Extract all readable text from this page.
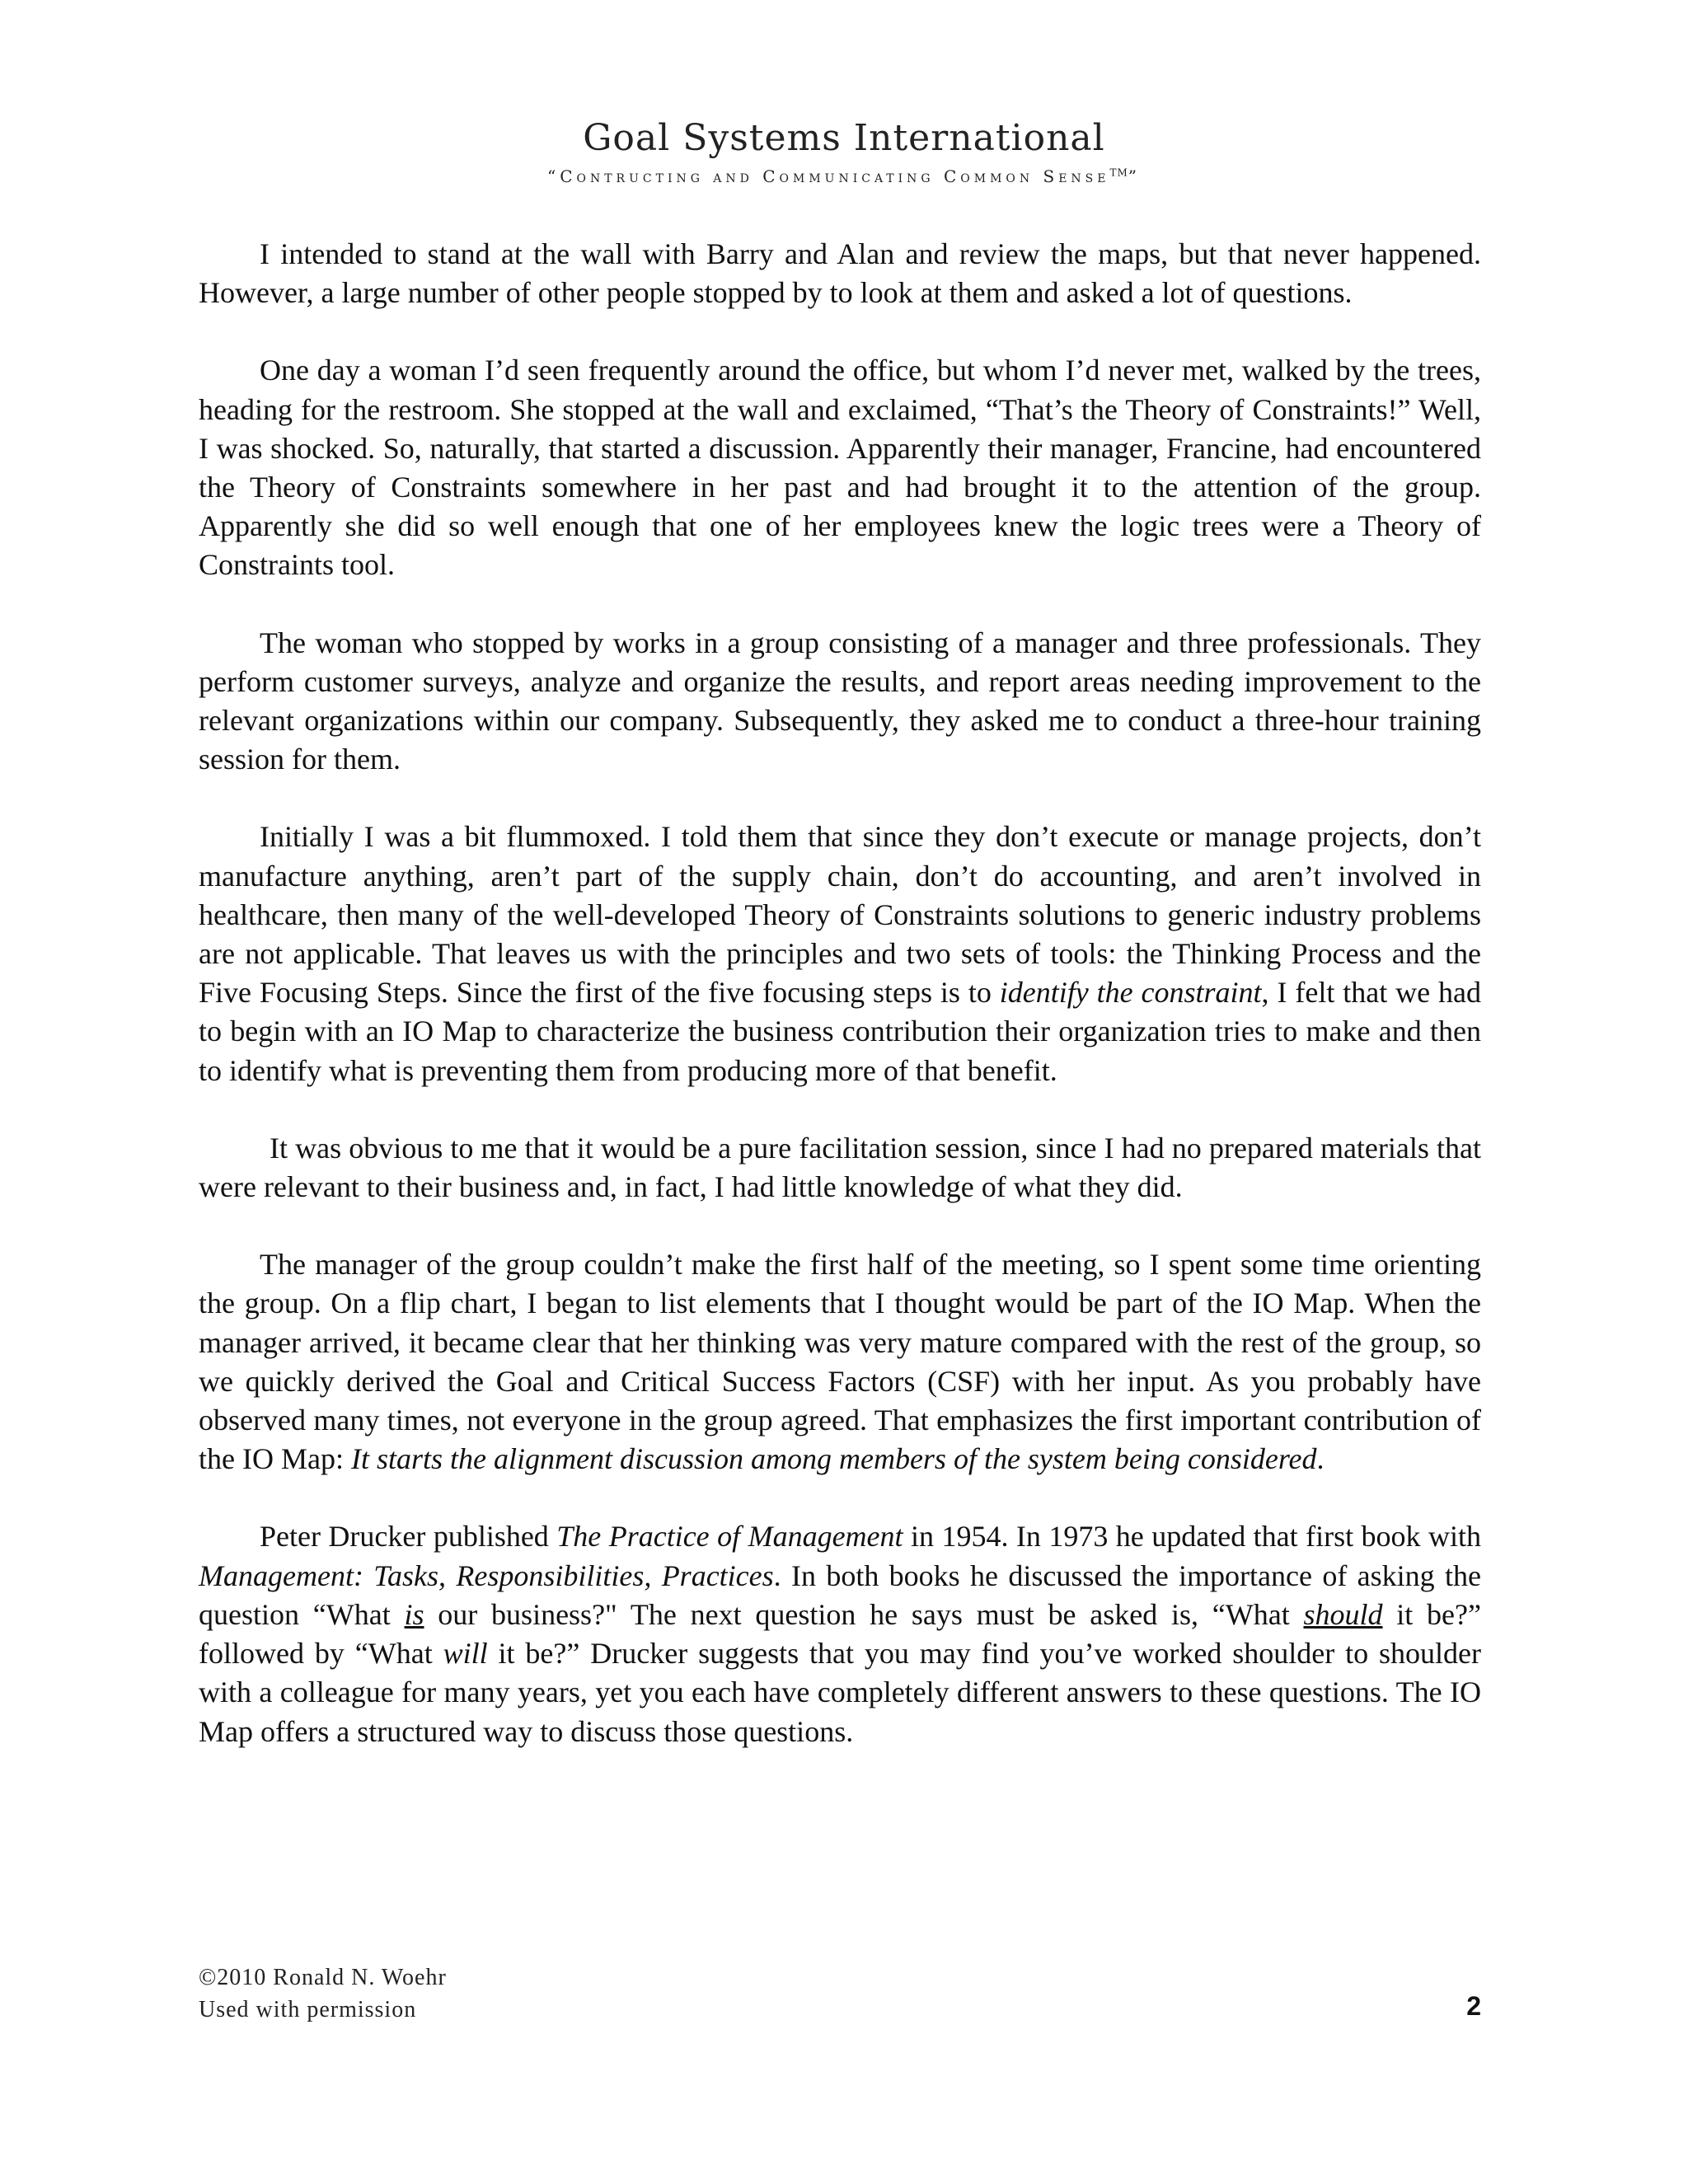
Goal Systems International
“Contructing and Communicating Common Sense™”

I intended to stand at the wall with Barry and Alan and review the maps, but that never happened. However, a large number of other people stopped by to look at them and asked a lot of questions.

One day a woman I’d seen frequently around the office, but whom I’d never met, walked by the trees, heading for the restroom. She stopped at the wall and exclaimed, “That’s the Theory of Constraints!” Well, I was shocked. So, naturally, that started a discussion. Apparently their manager, Francine, had encountered the Theory of Constraints somewhere in her past and had brought it to the attention of the group. Apparently she did so well enough that one of her employees knew the logic trees were a Theory of Constraints tool.

The woman who stopped by works in a group consisting of a manager and three professionals. They perform customer surveys, analyze and organize the results, and report areas needing improvement to the relevant organizations within our company. Subsequently, they asked me to conduct a three-hour training session for them.

Initially I was a bit flummoxed. I told them that since they don’t execute or manage projects, don’t manufacture anything, aren’t part of the supply chain, don’t do accounting, and aren’t involved in healthcare, then many of the well-developed Theory of Constraints solutions to generic industry problems are not applicable. That leaves us with the principles and two sets of tools: the Thinking Process and the Five Focusing Steps. Since the first of the five focusing steps is to identify the constraint, I felt that we had to begin with an IO Map to characterize the business contribution their organization tries to make and then to identify what is preventing them from producing more of that benefit.

It was obvious to me that it would be a pure facilitation session, since I had no prepared materials that were relevant to their business and, in fact, I had little knowledge of what they did.

The manager of the group couldn’t make the first half of the meeting, so I spent some time orienting the group. On a flip chart, I began to list elements that I thought would be part of the IO Map. When the manager arrived, it became clear that her thinking was very mature compared with the rest of the group, so we quickly derived the Goal and Critical Success Factors (CSF) with her input. As you probably have observed many times, not everyone in the group agreed. That emphasizes the first important contribution of the IO Map: It starts the alignment discussion among members of the system being considered.

Peter Drucker published The Practice of Management in 1954. In 1973 he updated that first book with Management: Tasks, Responsibilities, Practices. In both books he discussed the importance of asking the question “What is our business?" The next question he says must be asked is, “What should it be?” followed by “What will it be?” Drucker suggests that you may find you’ve worked shoulder to shoulder with a colleague for many years, yet you each have completely different answers to these questions. The IO Map offers a structured way to discuss those questions.

©2010 Ronald N. Woehr
Used with permission	2
